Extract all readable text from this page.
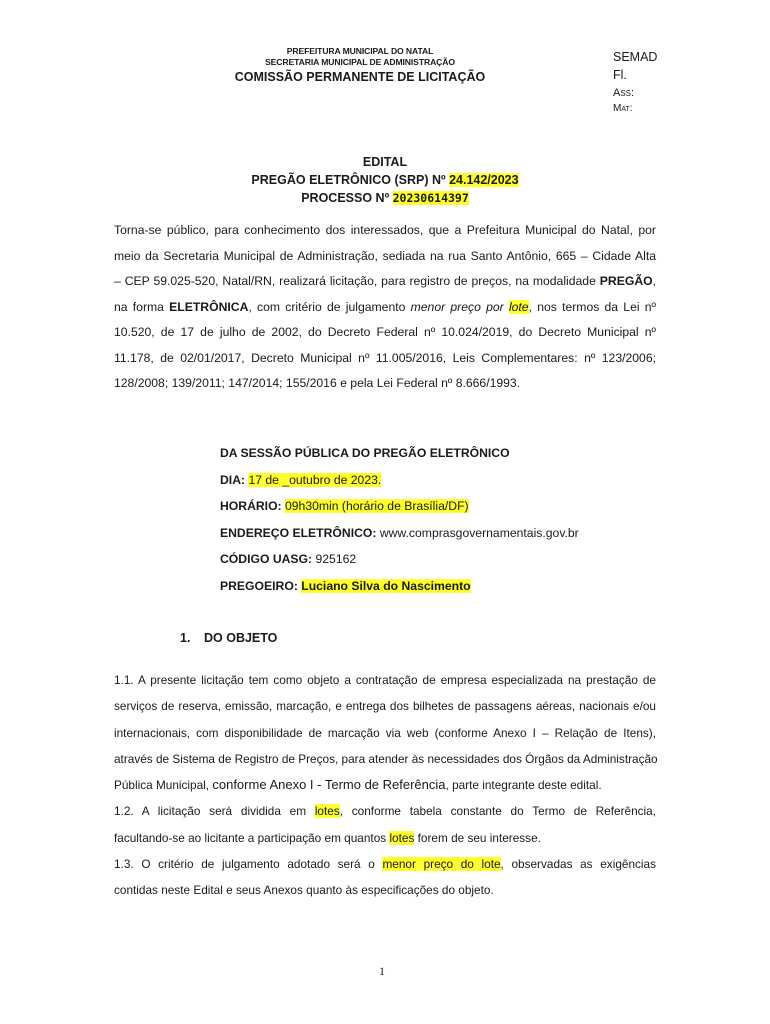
PREFEITURA MUNICIPAL DO NATAL
SECRETARIA MUNICIPAL DE ADMINISTRAÇÃO
COMISSÃO PERMANENTE DE LICITAÇÃO
SEMAD
Fl.
Ass:
Mat:
EDITAL
PREGÃO ELETRÔNICO (SRP) Nº 24.142/2023
PROCESSO Nº 20230614397
Torna-se público, para conhecimento dos interessados, que a Prefeitura Municipal do Natal, por
meio da Secretaria Municipal de Administração, sediada na rua Santo Antônio, 665 – Cidade Alta
– CEP 59.025-520, Natal/RN, realizará licitação, para registro de preços, na modalidade PREGÃO,
na forma ELETRÔNICA, com critério de julgamento menor preço por lote, nos termos da Lei nº
10.520, de 17 de julho de 2002, do Decreto Federal nº 10.024/2019, do Decreto Municipal nº
11.178, de 02/01/2017, Decreto Municipal nº 11.005/2016, Leis Complementares: nº 123/2006;
128/2008; 139/2011; 147/2014; 155/2016 e pela Lei Federal nº 8.666/1993.
DA SESSÃO PÚBLICA DO PREGÃO ELETRÔNICO
DIA: 17 de _outubro de 2023.
HORÁRIO: 09h30min (horário de Brasília/DF)
ENDEREÇO ELETRÔNICO: www.comprasgovernamentais.gov.br
CÓDIGO UASG: 925162
PREGOEIRO: Luciano Silva do Nascimento
1. DO OBJETO
1.1. A presente licitação tem como objeto a contratação de empresa especializada na prestação de
serviços de reserva, emissão, marcação, e entrega dos bilhetes de passagens aéreas, nacionais e/ou
internacionais, com disponibilidade de marcação via web (conforme Anexo I – Relação de Itens),
através de Sistema de Registro de Preços, para atender às necessidades dos Órgãos da Administração
Pública Municipal, conforme Anexo I - Termo de Referência, parte integrante deste edital.
1.2. A licitação será dividida em lotes, conforme tabela constante do Termo de Referência,
facultando-se ao licitante a participação em quantos lotes forem de seu interesse.
1.3. O critério de julgamento adotado será o menor preço do lote, observadas as exigências
contidas neste Edital e seus Anexos quanto às especificações do objeto.
1
